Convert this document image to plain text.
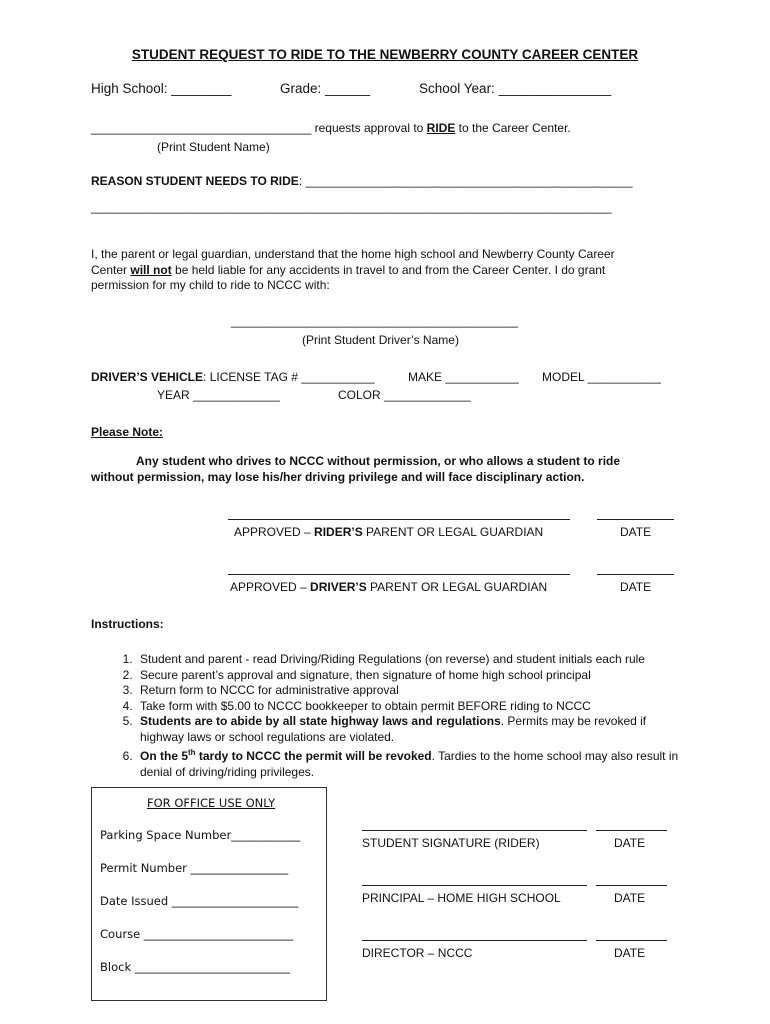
STUDENT REQUEST TO RIDE TO THE NEWBERRY COUNTY CAREER CENTER
High School: ________	Grade: ______	School Year: _______________
_________________________________ requests approval to RIDE to the Career Center.
(Print Student Name)
REASON STUDENT NEEDS TO RIDE: _________________________________________________
______________________________________________________________________________
I, the parent or legal guardian, understand that the home high school and Newberry County Career
Center will not be held liable for any accidents in travel to and from the Career Center. I do grant
permission for my child to ride to NCCC with:
___________________________________________
(Print Student Driver’s Name)
DRIVER’S VEHICLE: LICENSE TAG # ___________	MAKE ___________ MODEL ___________
YEAR _____________	COLOR _____________
Please Note:
Any student who drives to NCCC without permission, or who allows a student to ride
without permission, may lose his/her driving privilege and will face disciplinary action.
APPROVED – RIDER’S PARENT OR LEGAL GUARDIAN	DATE
APPROVED – DRIVER’S PARENT OR LEGAL GUARDIAN	DATE
Instructions:
1. Student and parent - read Driving/Riding Regulations (on reverse) and student initials each rule
2. Secure parent’s approval and signature, then signature of home high school principal
3. Return form to NCCC for administrative approval
4. Take form with $5.00 to NCCC bookkeeper to obtain permit BEFORE riding to NCCC
5. Students are to abide by all state highway laws and regulations. Permits may be revoked if highway laws or school regulations are violated.
6. On the 5th tardy to NCCC the permit will be revoked. Tardies to the home school may also result in denial of driving/riding privileges.
FOR OFFICE USE ONLY
Parking Space Number____________
Permit Number _________________
Date Issued ______________________
Course __________________________
Block ___________________________
STUDENT SIGNATURE (RIDER)	DATE
PRINCIPAL – HOME HIGH SCHOOL	DATE
DIRECTOR – NCCC	DATE
